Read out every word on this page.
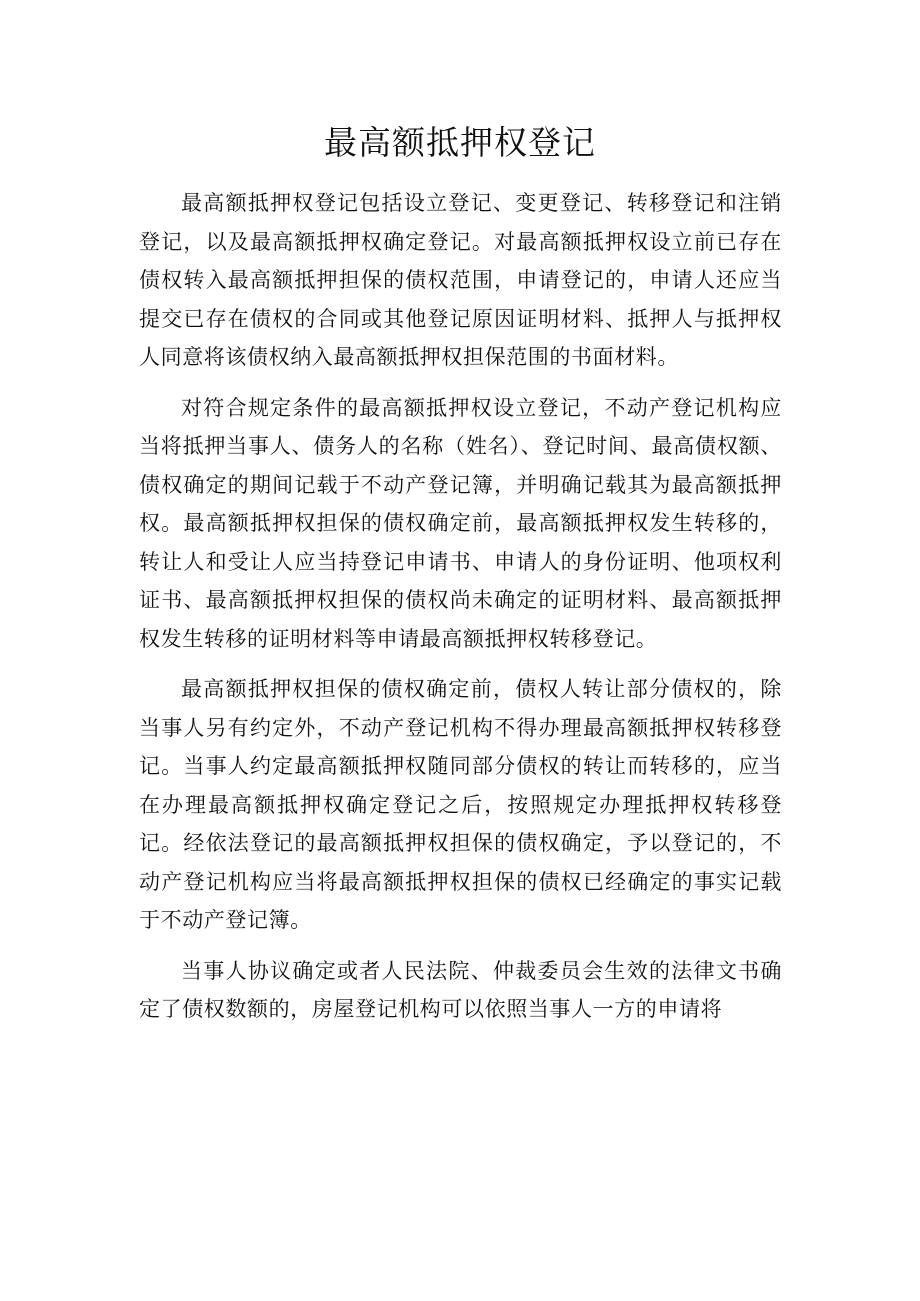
最高额抵押权登记

最高额抵押权登记包括设立登记、变更登记、转移登记和注销登记，以及最高额抵押权确定登记。对最高额抵押权设立前已存在债权转入最高额抵押担保的债权范围，申请登记的，申请人还应当提交已存在债权的合同或其他登记原因证明材料、抵押人与抵押权人同意将该债权纳入最高额抵押权担保范围的书面材料。

对符合规定条件的最高额抵押权设立登记，不动产登记机构应当将抵押当事人、债务人的名称（姓名）、登记时间、最高债权额、债权确定的期间记载于不动产登记簿，并明确记载其为最高额抵押权。最高额抵押权担保的债权确定前，最高额抵押权发生转移的，转让人和受让人应当持登记申请书、申请人的身份证明、他项权利证书、最高额抵押权担保的债权尚未确定的证明材料、最高额抵押权发生转移的证明材料等申请最高额抵押权转移登记。

最高额抵押权担保的债权确定前，债权人转让部分债权的，除当事人另有约定外，不动产登记机构不得办理最高额抵押权转移登记。当事人约定最高额抵押权随同部分债权的转让而转移的，应当在办理最高额抵押权确定登记之后，按照规定办理抵押权转移登记。经依法登记的最高额抵押权担保的债权确定，予以登记的，不动产登记机构应当将最高额抵押权担保的债权已经确定的事实记载于不动产登记簿。

当事人协议确定或者人民法院、仲裁委员会生效的法律文书确定了债权数额的，房屋登记机构可以依照当事人一方的申请将
